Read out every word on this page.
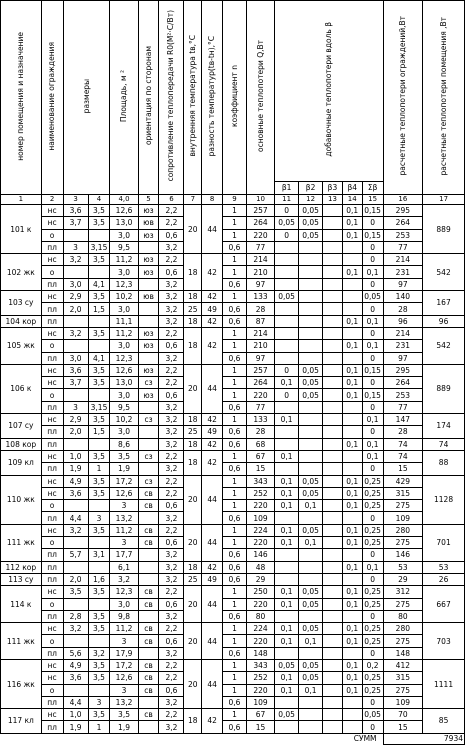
номер помещения и назначение	наименование ограждения	размеры		Площадь, м ²	ориентация по сторонам	сопротивление теплопередачи R0(М²·С/Вт)	внутренняя температура tв,°С	разность температур(tв-tн),°С	коэффициент n	основные теплопотери Q,Вт	добавочные теплопотери вдоль β					расчетные теплопотери ограждений,Вт	расчетные теплопотери помещения ,Вт
											β1	β2	β3	β4	Σβ		
1	2	3	4	4,0	5	6	7	8	9	10	11	12	13	14	15	16	17
101 к	нс	3,6	3,5	12,6	юз	2,2	20	44	1	257	0	0,05		0,1	0,15	295	889
	нс	3,7	3,5	13,0	юв	2,2			1	264	0,05	0,05		0,1	0	264	
	о			3,0	юз	0,6			1	220	0	0,05		0,1	0,15	253	
	пл	3	3,15	9,5		3,2			0,6	77					0	77	
102 жк	нс	3,2	3,5	11,2	юз	2,2	18	42	1	214					0	214	542
	о			3,0	юз	0,6			1	210				0,1	0,1	231	
	пл	3,0	4,1	12,3		3,2			0,6	97					0	97	
103 су	нс	2,9	3,5	10,2	юв	3,2	18	42	1	133	0,05				0,05	140	167
	пл	2,0	1,5	3,0		3,2	25	49	0,6	28					0	28	
104 кор	пл			11,1		3,2	18	42	0,6	87				0,1	0,1	96	96
105 жк	нс	3,2	3,5	11,2	юз	2,2	18	42	1	214					0	214	542
	о			3,0	юз	0,6			1	210				0,1	0,1	231	
	пл	3,0	4,1	12,3		3,2			0,6	97					0	97	
106 к	нс	3,6	3,5	12,6	юз	2,2	20	44	1	257	0	0,05		0,1	0,15	295	889
	нс	3,7	3,5	13,0	сз	2,2			1	264	0,1	0,05		0,1	0	264	
	о			3,0	юз	0,6			1	220	0	0,05		0,1	0,15	253	
	пл	3	3,15	9,5		3,2			0,6	77					0	77	
107 су	нс	2,9	3,5	10,2	сз	3,2	18	42	1	133	0,1				0,1	147	174
	пл	2,0	1,5	3,0		3,2	25	49	0,6	28					0	28	
108 кор	пл			8,6		3,2	18	42	0,6	68				0,1	0,1	74	74
109 кл	нс	1,0	3,5	3,5	сз	2,2	18	42	1	67	0,1				0,1	74	88
	пл	1,9	1	1,9		3,2			0,6	15					0	15	
110 жк	нс	4,9	3,5	17,2	сз	2,2	20	44	1	343	0,1	0,05		0,1	0,25	429	1128
	нс	3,6	3,5	12,6	св	2,2			1	252	0,1	0,05		0,1	0,25	315	
	о			3	св	0,6			1	220	0,1	0,1		0,1	0,25	275	
	пл	4,4	3	13,2		3,2			0,6	109					0	109	
111 жк	нс	3,2	3,5	11,2	св	2,2	20	44	1	224	0,1	0,05		0,1	0,25	280	701
	о			3	св	0,6			1	220	0,1	0,1		0,1	0,25	275	
	пл	5,7	3,1	17,7		3,2			0,6	146					0	146	
112 кор	пл			6,1		3,2	18	42	0,6	48				0,1	0,1	53	53
113 су	пл	2,0	1,6	3,2		3,2	25	49	0,6	29					0	29	26
114 к	нс	3,5	3,5	12,3	св	2,2	20	44	1	250	0,1	0,05		0,1	0,25	312	667
	о			3,0	св	0,6			1	220	0,1	0,05		0,1	0,25	275	
	пл	2,8	3,5	9,8		3,2			0,6	80					0	80	
111 жк	нс	3,2	3,5	11,2	св	2,2	20	44	1	224	0,1	0,05		0,1	0,25	280	703
	о			3	св	0,6			1	220	0,1	0,1		0,1	0,25	275	
	пл	5,6	3,2	17,9		3,2			0,6	148					0	148	
116 жк	нс	4,9	3,5	17,2	св	2,2	20	44	1	343	0,05	0,05		0,1	0,2	412	1111
	нс	3,6	3,5	12,6	св	2,2			1	252	0,1	0,05		0,1	0,25	315	
	о			3	св	0,6			1	220	0,1	0,1		0,1	0,25	275	
	пл	4,4	3	13,2		3,2			0,6	109					0	109	
117 кл	нс	1,0	3,5	3,5	св	2,2	18	42	1	67	0,05				0,05	70	85
	пл	1,9	1	1,9		3,2			0,6	15					0	15	
СУММ																7934	
